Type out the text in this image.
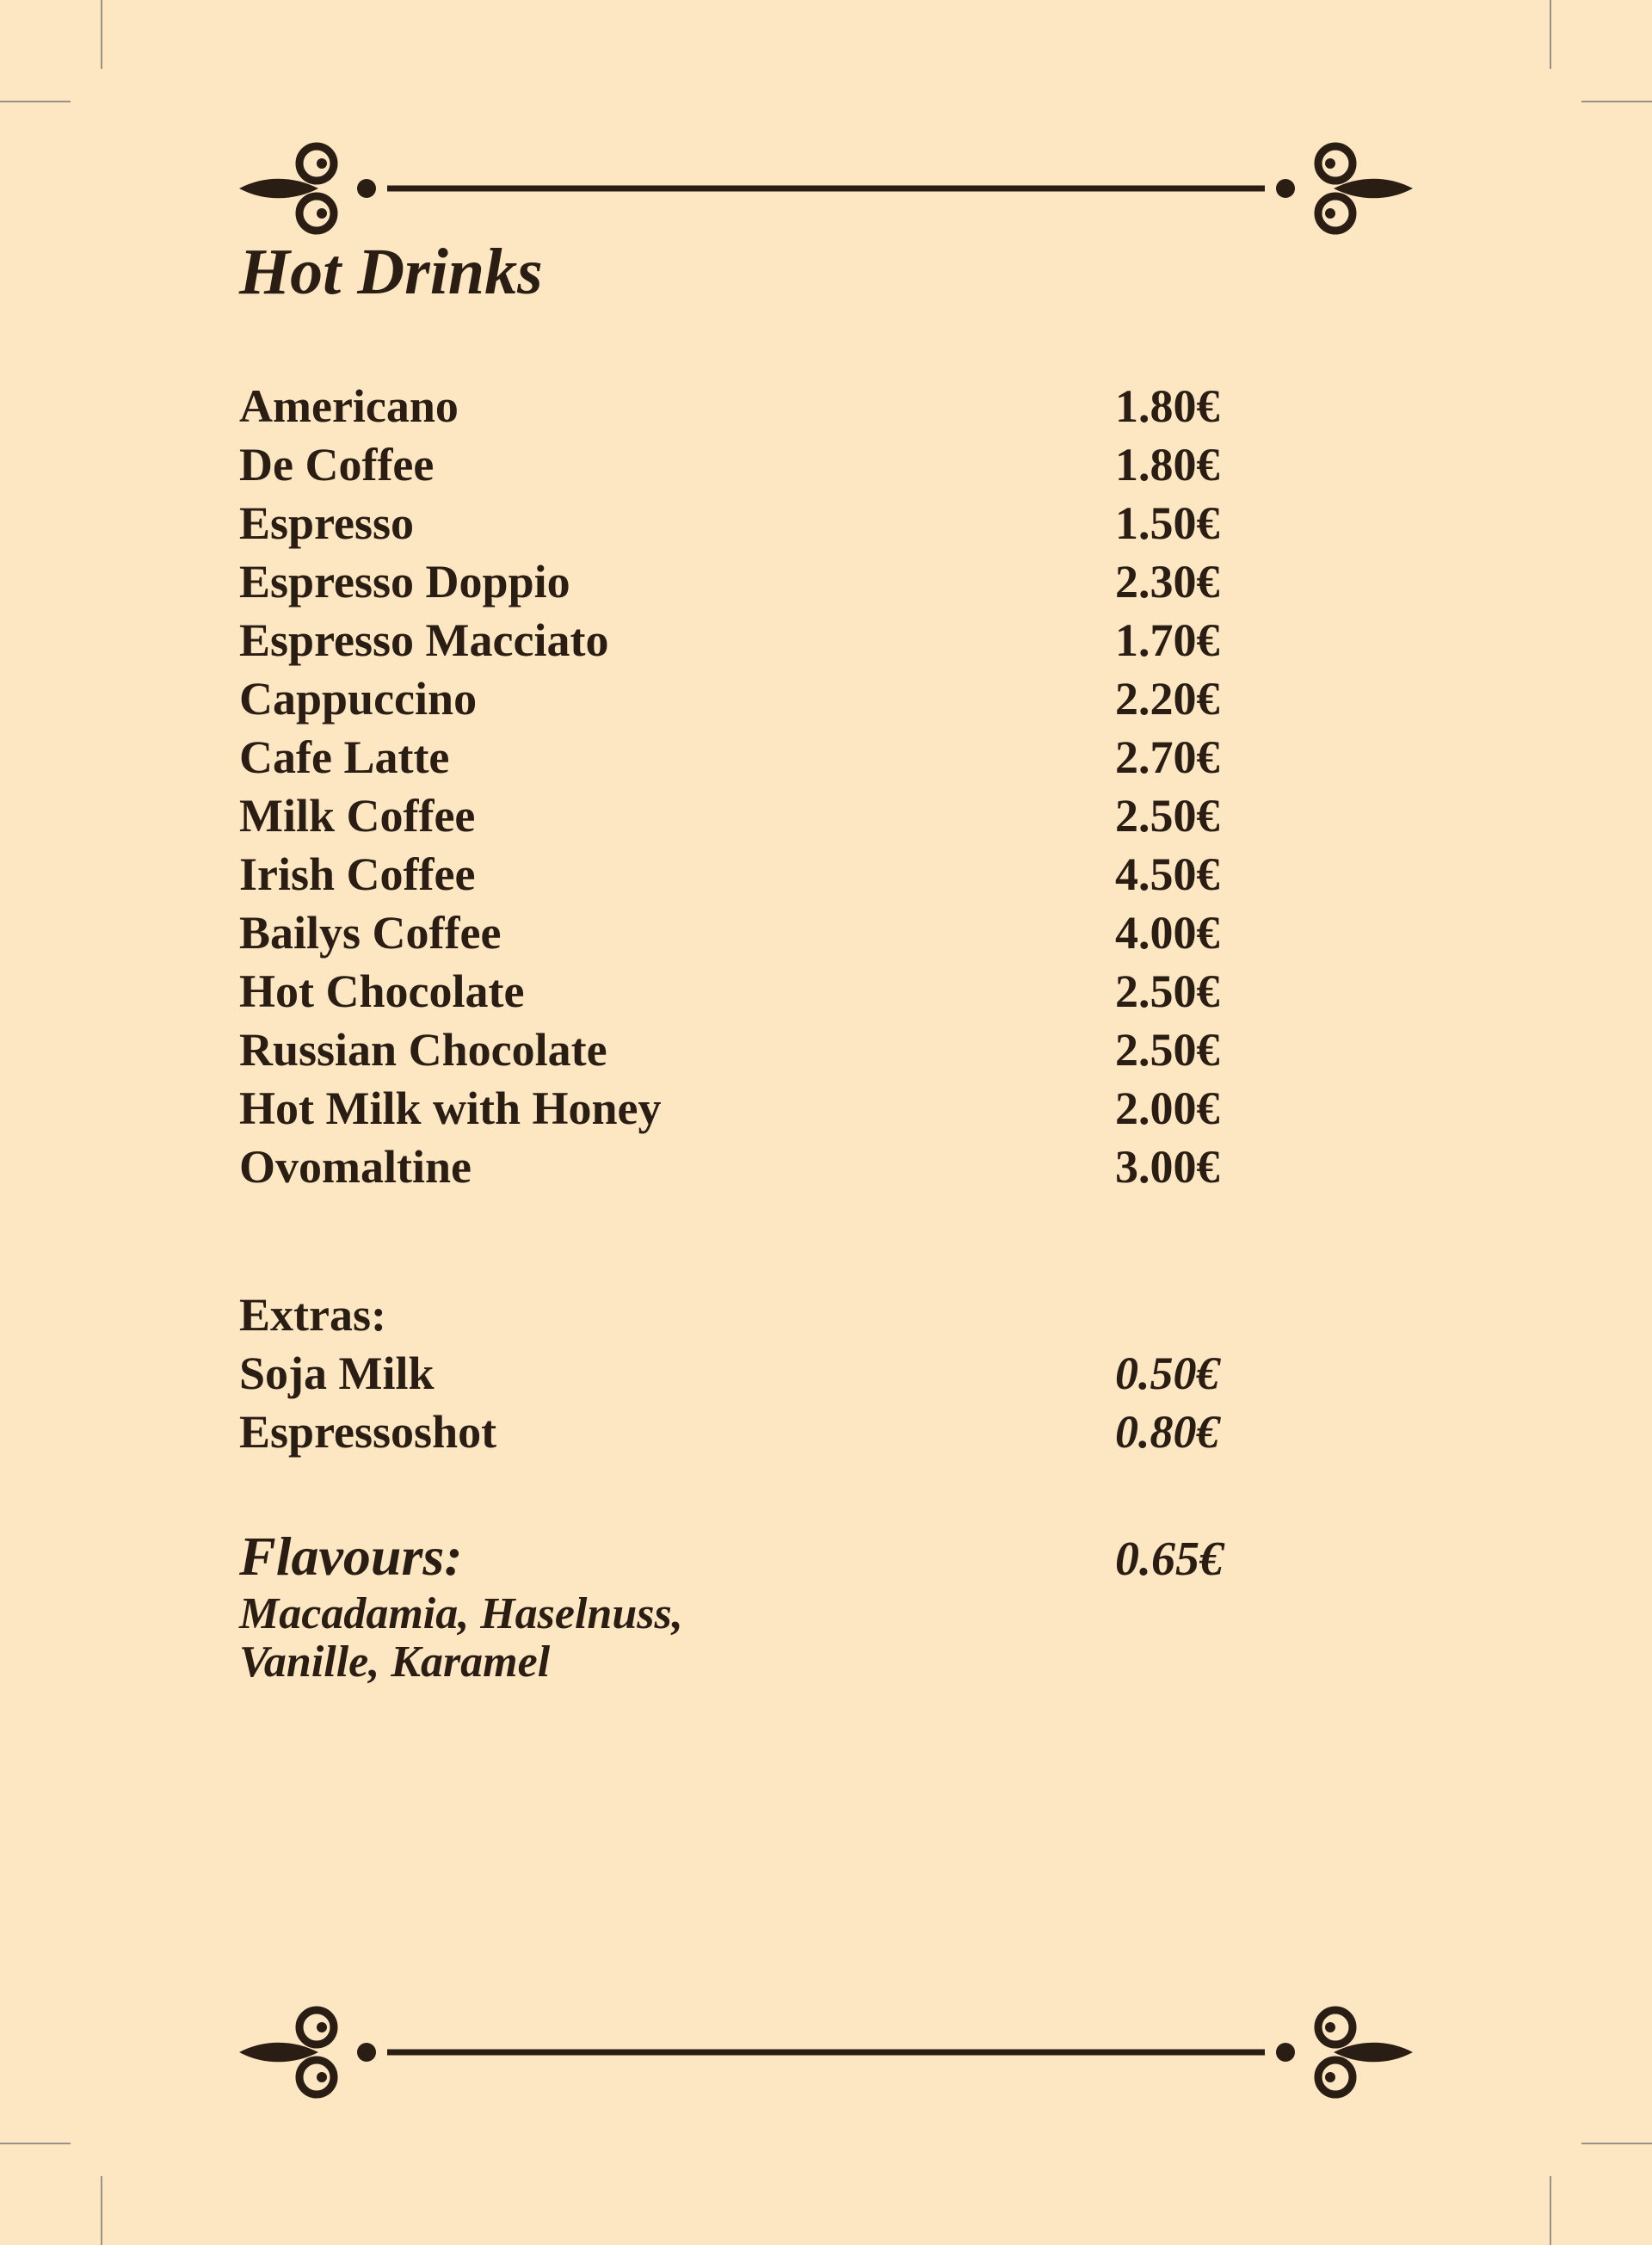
Hot Drinks
Americano	1.80€
De Coffee	1.80€
Espresso	1.50€
Espresso Doppio	2.30€
Espresso Macciato	1.70€
Cappuccino	2.20€
Cafe Latte	2.70€
Milk Coffee	2.50€
Irish Coffee	4.50€
Bailys Coffee	4.00€
Hot Chocolate	2.50€
Russian Chocolate	2.50€
Hot Milk with Honey	2.00€
Ovomaltine	3.00€
Extras:
Soja Milk	0.50€
Espressoshot	0.80€
Flavours:	0.65€
Macadamia, Haselnuss,
Vanille, Karamel
